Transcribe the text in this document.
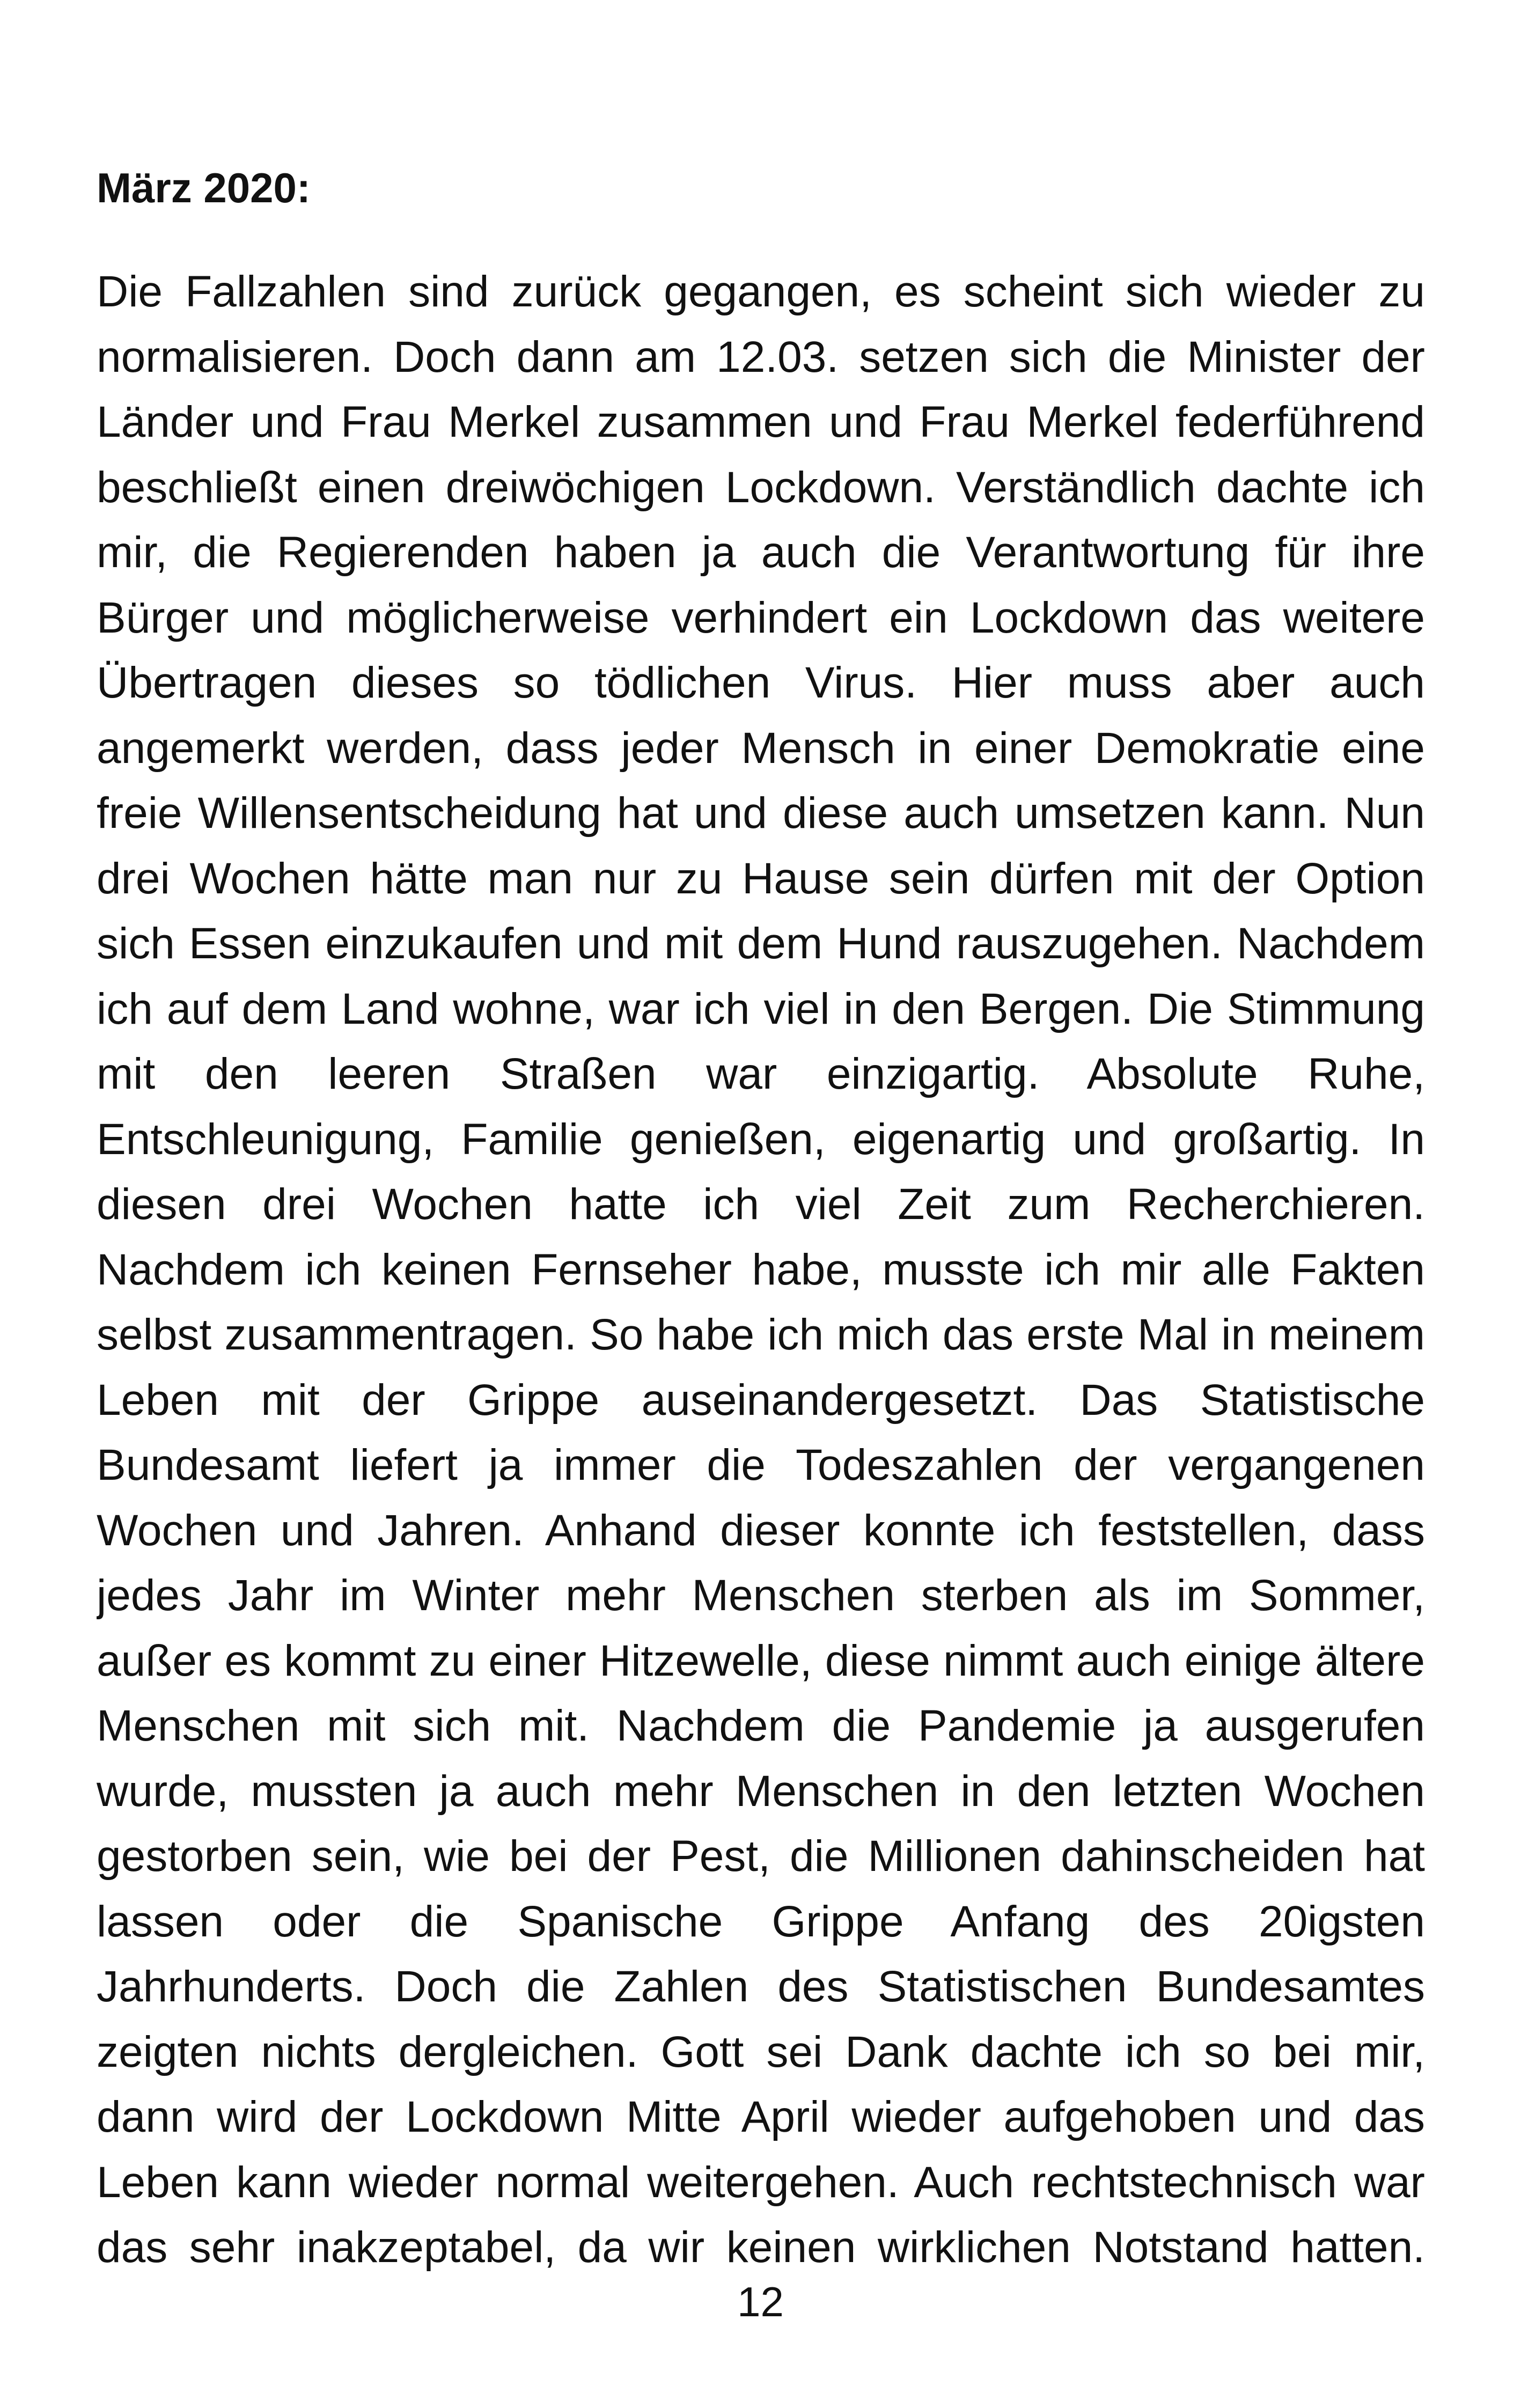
März 2020:
Die Fallzahlen sind zurück gegangen, es scheint sich wieder zu
normalisieren. Doch dann am 12.03. setzen sich die Minister der
Länder und Frau Merkel zusammen und Frau Merkel federführend
beschließt einen dreiwöchigen Lockdown. Verständlich dachte ich
mir, die Regierenden haben ja auch die Verantwortung für ihre
Bürger und möglicherweise verhindert ein Lockdown das weitere
Übertragen dieses so tödlichen Virus. Hier muss aber auch
angemerkt werden, dass jeder Mensch in einer Demokratie eine
freie Willensentscheidung hat und diese auch umsetzen kann. Nun
drei Wochen hätte man nur zu Hause sein dürfen mit der Option
sich Essen einzukaufen und mit dem Hund rauszugehen. Nachdem
ich auf dem Land wohne, war ich viel in den Bergen. Die Stimmung
mit den leeren Straßen war einzigartig. Absolute Ruhe,
Entschleunigung, Familie genießen, eigenartig und großartig. In
diesen drei Wochen hatte ich viel Zeit zum Recherchieren.
Nachdem ich keinen Fernseher habe, musste ich mir alle Fakten
selbst zusammentragen. So habe ich mich das erste Mal in meinem
Leben mit der Grippe auseinandergesetzt. Das Statistische
Bundesamt liefert ja immer die Todeszahlen der vergangenen
Wochen und Jahren. Anhand dieser konnte ich feststellen, dass
jedes Jahr im Winter mehr Menschen sterben als im Sommer,
außer es kommt zu einer Hitzewelle, diese nimmt auch einige ältere
Menschen mit sich mit. Nachdem die Pandemie ja ausgerufen
wurde, mussten ja auch mehr Menschen in den letzten Wochen
gestorben sein, wie bei der Pest, die Millionen dahinscheiden hat
lassen oder die Spanische Grippe Anfang des 20igsten
Jahrhunderts. Doch die Zahlen des Statistischen Bundesamtes
zeigten nichts dergleichen. Gott sei Dank dachte ich so bei mir,
dann wird der Lockdown Mitte April wieder aufgehoben und das
Leben kann wieder normal weitergehen. Auch rechtstechnisch war
das sehr inakzeptabel, da wir keinen wirklichen Notstand hatten.
12
